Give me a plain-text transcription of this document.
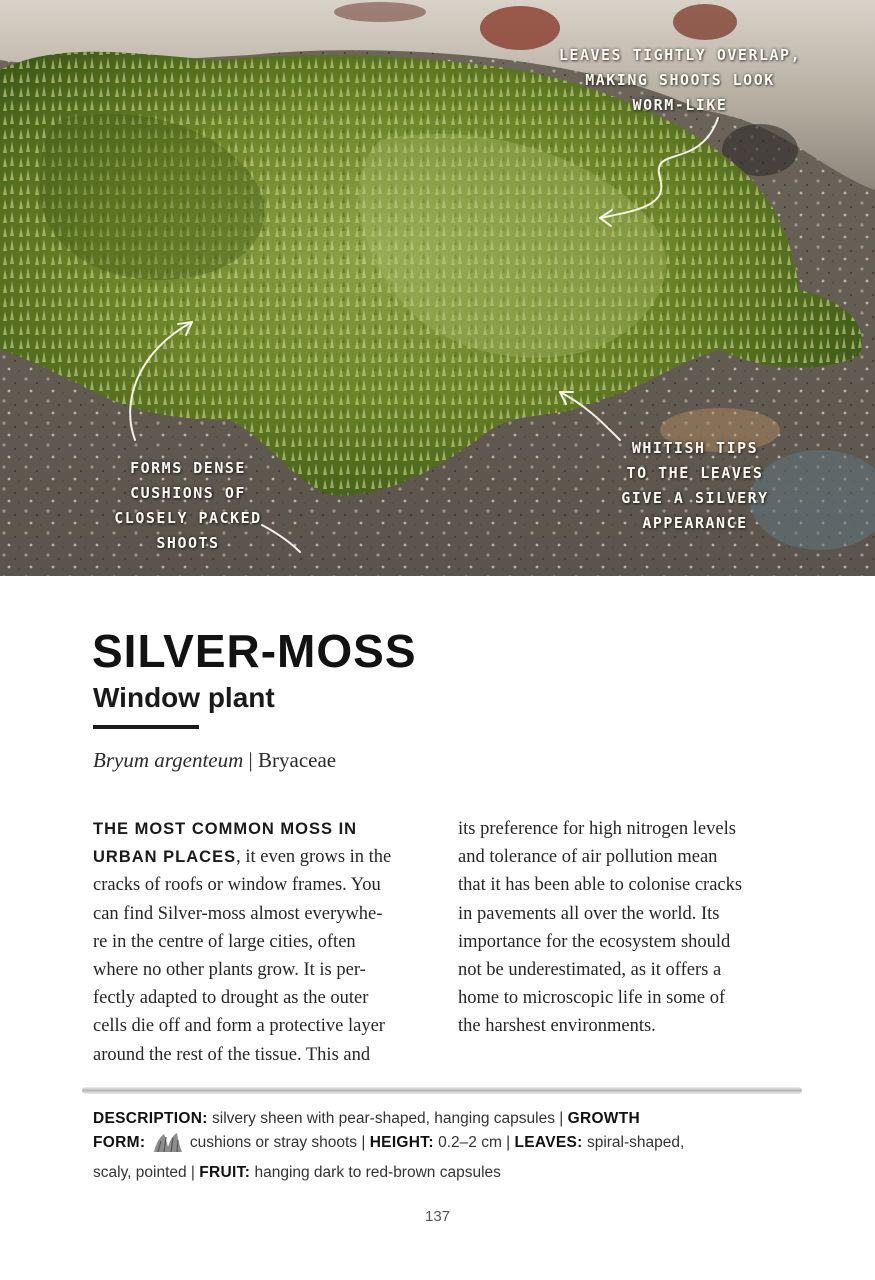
LEAVES TIGHTLY OVERLAP,
MAKING SHOOTS LOOK
WORM-LIKE
FORMS DENSE
CUSHIONS OF
CLOSELY PACKED
SHOOTS
WHITISH TIPS
TO THE LEAVES
GIVE A SILVERY
APPEARANCE
SILVER-MOSS
Window plant
Bryum argenteum | Bryaceae
THE MOST COMMON MOSS IN
URBAN PLACES, it even grows in the
cracks of roofs or window frames. You
can find Silver-moss almost everywhe-
re in the centre of large cities, often
where no other plants grow. It is per-
fectly adapted to drought as the outer
cells die off and form a protective layer
around the rest of the tissue. This and
its preference for high nitrogen levels
and tolerance of air pollution mean
that it has been able to colonise cracks
in pavements all over the world. Its
importance for the ecosystem should
not be underestimated, as it offers a
home to microscopic life in some of
the harshest environments.
DESCRIPTION: silvery sheen with pear-shaped, hanging capsules | GROWTH
FORM:	cushions or stray shoots | HEIGHT: 0.2–2 cm | LEAVES: spiral-shaped,
scaly, pointed | FRUIT: hanging dark to red-brown capsules
137
